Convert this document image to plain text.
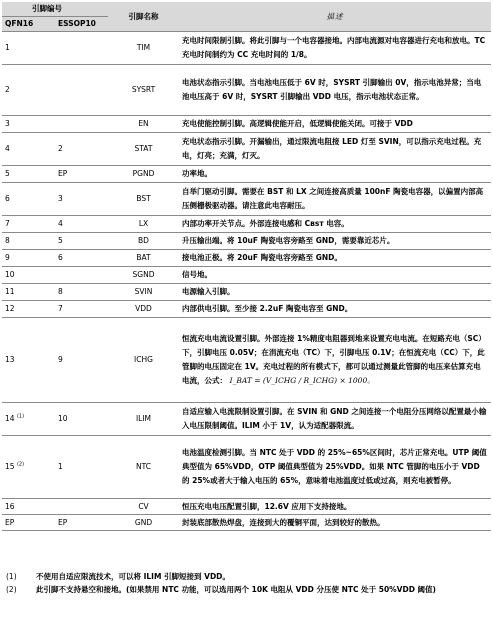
引脚编号		引脚名称	描述
QFN16	ESSOP10		
1		TIM	充电时间限制引脚。将此引脚与一个电容器接地。内部电流源对电容器进行充电和放电。TC 充电时间制约为 CC 充电时间的 1/8。
2		SYSRT	电池状态指示引脚。当电池电压低于 6V 时，SYSRT 引脚输出 0V，指示电池异常；当电池电压高于 6V 时，SYSRT 引脚输出 VDD 电压，指示电池状态正常。
3		EN	充电使能控制引脚。高逻辑使能开启，低逻辑使能关闭。可接于 VDD
4	2	STAT	充电状态指示引脚。开漏输出，通过限流电阻接 LED 灯至 SVIN，可以指示充电过程。充电，灯亮；充满，灯灭。
5	EP	PGND	功率地。
6	3	BST	自举门驱动引脚。需要在 BST 和 LX 之间连接高质量 100nF 陶瓷电容器，以偏置内部高压侧栅极驱动器。请注意此电容耐压。
7	4	LX	内部功率开关节点。外部连接电感和 Cʙsт 电容。
8	5	BD	升压输出端。将 10uF 陶瓷电容旁路至 GND，需要靠近芯片。
9	6	BAT	接电池正极。将 20uF 陶瓷电容旁路至 GND。
10		SGND	信号地。
11	8	SVIN	电源输入引脚。
12	7	VDD	内部供电引脚。至少接 2.2uF 陶瓷电容至 GND。
13	9	ICHG	恒流充电电流设置引脚。外部连接 1%精度电阻器到地来设置充电电流。在短路充电（SC）下，引脚电压 0.05V；在涓流充电（TC）下，引脚电压 0.1V；在恒流充电（CC）下，此管脚的电压固定在 1V。充电过程的所有模式下，都可以通过测量此管脚的电压来估算充电电流，公式： I_BAT = (V_ICHG / R_ICHG) × 1000。
14 $^{(1)}$	10	ILIM	自适应输入电流限制设置引脚。在 SVIN 和 GND 之间连接一个电阻分压网络以配置最小输入电压限制阈值。ILIM 小于 1V，认为适配器限流。
15 $^{(2)}$	1	NTC	电池温度检测引脚。当 NTC 处于 VDD 的 25%~65%区间时，芯片正常充电。UTP 阈值典型值为 65%VDD，OTP 阈值典型值为 25%VDD。如果 NTC 管脚的电压小于 VDD 的 25%或者大于输入电压的 65%，意味着电池温度过低或过高，则充电被暂停。
16		CV	恒压充电电压配置引脚，12.6V 应用下支持接地。
EP	EP	GND	封装底部散热焊盘，连接到大的覆铜平面，达到较好的散热。
(1)	不使用自适应限流技术，可以将 ILIM 引脚短接到 VDD。
(2)	此引脚不支持悬空和接地。(如果禁用 NTC 功能，可以选用两个 10K 电阻从 VDD 分压使 NTC 处于 50%VDD 阈值)
